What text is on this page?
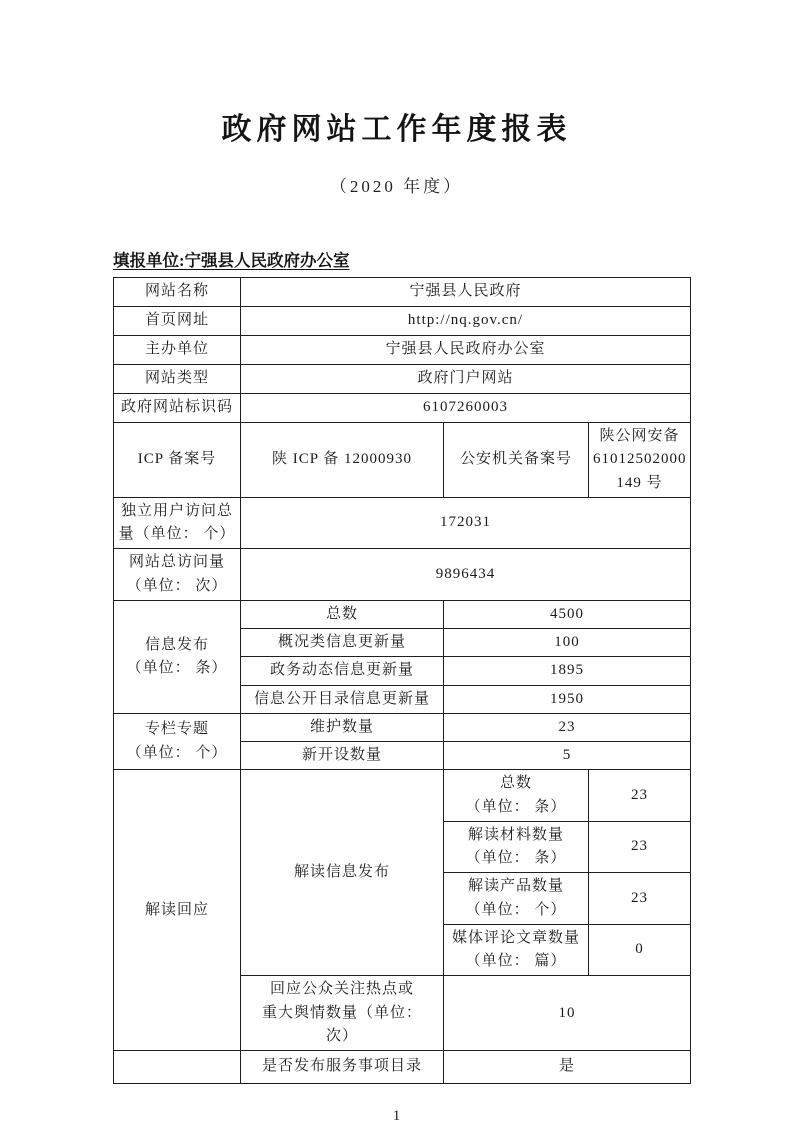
政府网站工作年度报表
（2020 年度）
填报单位:宁强县人民政府办公室
网站名称	宁强县人民政府		
首页网址	http://nq.gov.cn/		
主办单位	宁强县人民政府办公室		
网站类型	政府门户网站		
政府网站标识码	6107260003		
ICP 备案号	陕 ICP 备 12000930	公安机关备案号	陕公网安备
61012502000
149 号

独立用户访问总
量（单位： 个）	172031		

网站总访问量
（单位： 次）	9896434		

信息发布
（单位： 条）	总数	4500	
	概况类信息更新量	100	
	政务动态信息更新量	1895	
	信息公开目录信息更新量	1950	

专栏专题
（单位： 个）	维护数量	23	
	新开设数量	5	
解读回应	解读信息发布	总数
（单位： 条）	23

		解读材料数量
（单位： 条）	23

		解读产品数量
（单位： 个）	23

		媒体评论文章数量
（单位： 篇）	0

	回应公众关注热点或
重大舆情数量（单位：
次）	10	
	是否发布服务事项目录	是	
1
